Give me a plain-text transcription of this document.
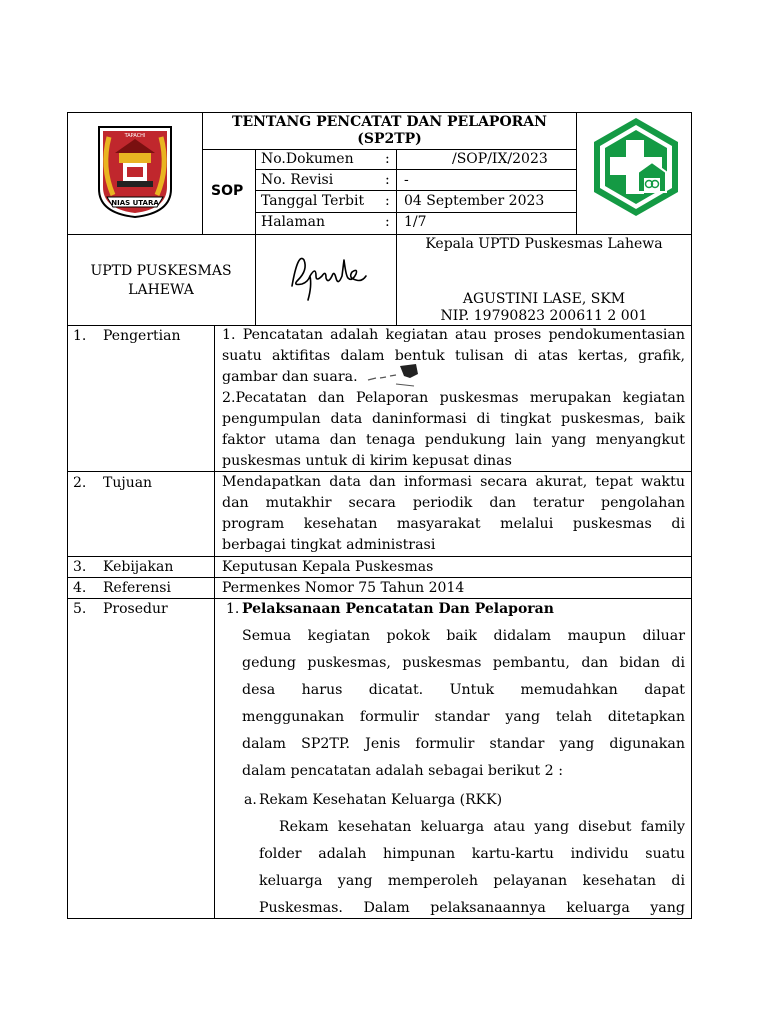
NIAS UTARA
TAPACHI
TENTANG PENCATAT DAN PELAPORAN
(SP2TP)
SOP
No.Dokumen :	/SOP/IX/2023
No. Revisi	: -
Tanggal Terbit : 04 September 2023
Halaman	: 1/7
UPTD PUSKESMAS
LAHEWA
Kepala UPTD Puskesmas Lahewa
AGUSTINI LASE, SKM
NIP. 19790823 200611 2 001
1. Pengertian	1. Pencatatan adalah kegiatan atau proses pendokumentasian
suatu aktifitas dalam bentuk tulisan di atas kertas, grafik,
gambar dan suara.
2.Pecatatan dan Pelaporan puskesmas merupakan kegiatan
pengumpulan data daninformasi di tingkat puskesmas, baik
faktor utama dan tenaga pendukung lain yang menyangkut
puskesmas untuk di kirim kepusat dinas
2. Tujuan	Mendapatkan data dan informasi secara akurat, tepat waktu
dan mutakhir secara periodik dan teratur pengolahan
program kesehatan masyarakat melalui puskesmas di
berbagai tingkat administrasi
3. Kebijakan	Keputusan Kepala Puskesmas
4. Referensi	Permenkes Nomor 75 Tahun 2014
5. Prosedur	1. Pelaksanaan Pencatatan Dan Pelaporan
Semua kegiatan pokok baik didalam maupun diluar
gedung puskesmas, puskesmas pembantu, dan bidan di
desa harus dicatat. Untuk memudahkan dapat
menggunakan formulir standar yang telah ditetapkan
dalam SP2TP. Jenis formulir standar yang digunakan
dalam pencatatan adalah sebagai berikut 2 :
a. Rekam Kesehatan Keluarga (RKK)
Rekam kesehatan keluarga atau yang disebut family
folder adalah himpunan kartu-kartu individu suatu
keluarga yang memperoleh pelayanan kesehatan di
Puskesmas. Dalam pelaksanaannya keluarga yang
